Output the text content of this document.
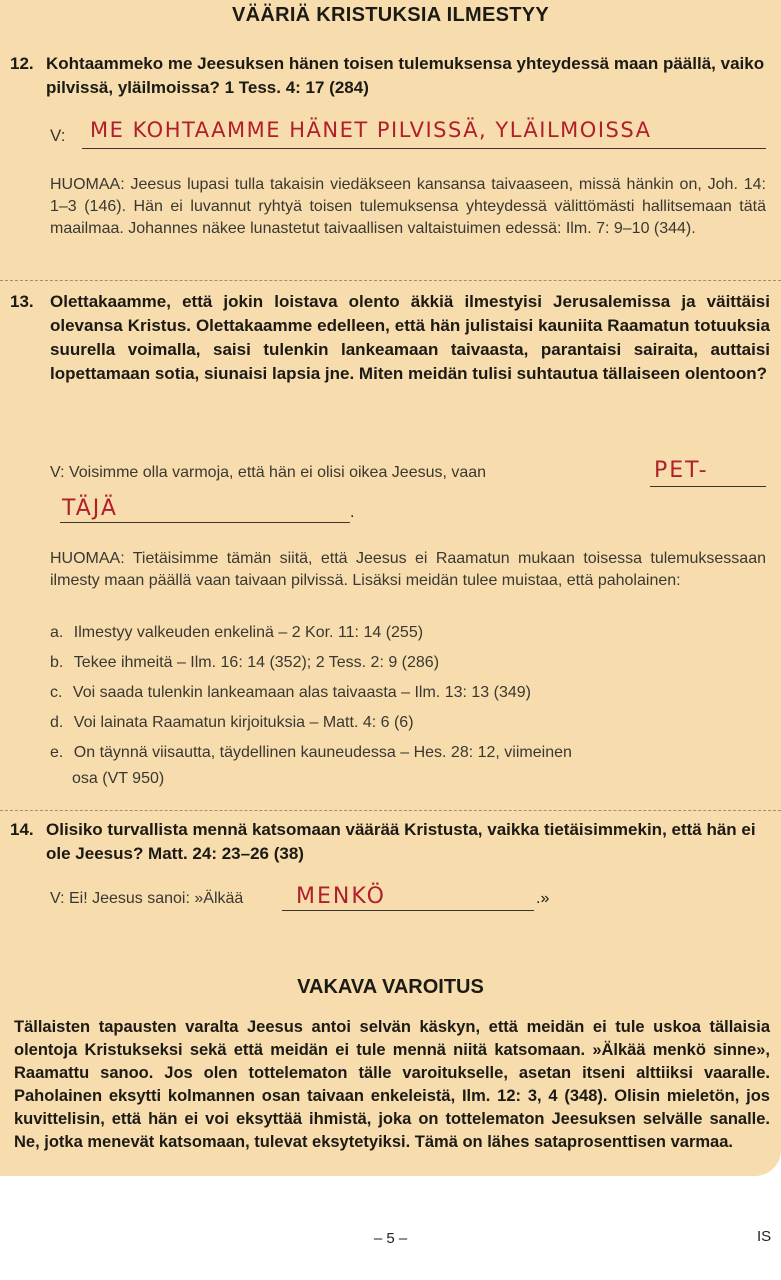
VÄÄRIÄ KRISTUKSIA ILMESTYY
12. Kohtaammeko me Jeesuksen hänen toisen tulemuksensa yhteydessä maan päällä, vaiko pilvissä, yläilmoissa? 1 Tess. 4: 17 (284)
V: ME KOHTAAMME HÄNET PILVISSÄ, YLÄILMOISSA
HUOMAA: Jeesus lupasi tulla takaisin viedäkseen kansansa taivaaseen, missä hänkin on, Joh. 14: 1–3 (146). Hän ei luvannut ryhtyä toisen tulemuksensa yhteydessä välittömästi hallitsemaan tätä maailmaa. Johannes näkee lunastetut taivaallisen valtaistuimen edessä: Ilm. 7: 9–10 (344).
13. Olettakaamme, että jokin loistava olento äkkiä ilmestyisi Jerusalemissa ja väittäisi olevansa Kristus. Olettakaamme edelleen, että hän julistaisi kauniita Raamatun totuuksia suurella voimalla, saisi tulenkin lankeamaan taivaasta, parantaisi sairaita, auttaisi lopettamaan sotia, siunaisi lapsia jne. Miten meidän tulisi suhtautua tällaiseen olentoon?
V: Voisimme olla varmoja, että hän ei olisi oikea Jeesus, vaan	PET-
TÄJÄ	.
HUOMAA: Tietäisimme tämän siitä, että Jeesus ei Raamatun mukaan toisessa tulemuksessaan ilmesty maan päällä vaan taivaan pilvissä. Lisäksi meidän tulee muistaa, että paholainen:
a. Ilmestyy valkeuden enkelinä – 2 Kor. 11: 14 (255)
b. Tekee ihmeitä – Ilm. 16: 14 (352); 2 Tess. 2: 9 (286)
c. Voi saada tulenkin lankeamaan alas taivaasta – Ilm. 13: 13 (349)
d. Voi lainata Raamatun kirjoituksia – Matt. 4: 6 (6)
e. On täynnä viisautta, täydellinen kauneudessa – Hes. 28: 12, viimeinen
osa (VT 950)
14. Olisiko turvallista mennä katsomaan väärää Kristusta, vaikka tietäisimmekin, että hän ei ole Jeesus? Matt. 24: 23–26 (38)
V: Ei! Jeesus sanoi: »Älkää MENKÖ	.»
VAKAVA VAROITUS
Tällaisten tapausten varalta Jeesus antoi selvän käskyn, että meidän ei tule uskoa tällaisia olentoja Kristukseksi sekä että meidän ei tule mennä niitä katsomaan. »Älkää menkö sinne», Raamattu sanoo. Jos olen tottelematon tälle varoitukselle, asetan itseni alttiiksi vaaralle. Paholainen eksytti kolmannen osan taivaan enkeleistä, Ilm. 12: 3, 4 (348). Olisin mieletön, jos kuvittelisin, että hän ei voi eksyttää ihmistä, joka on tottelematon Jeesuksen selvälle sanalle. Ne, jotka menevät katsomaan, tulevat eksytetyiksi. Tämä on lähes sataprosenttisen varmaa.
– 5 –	IS
